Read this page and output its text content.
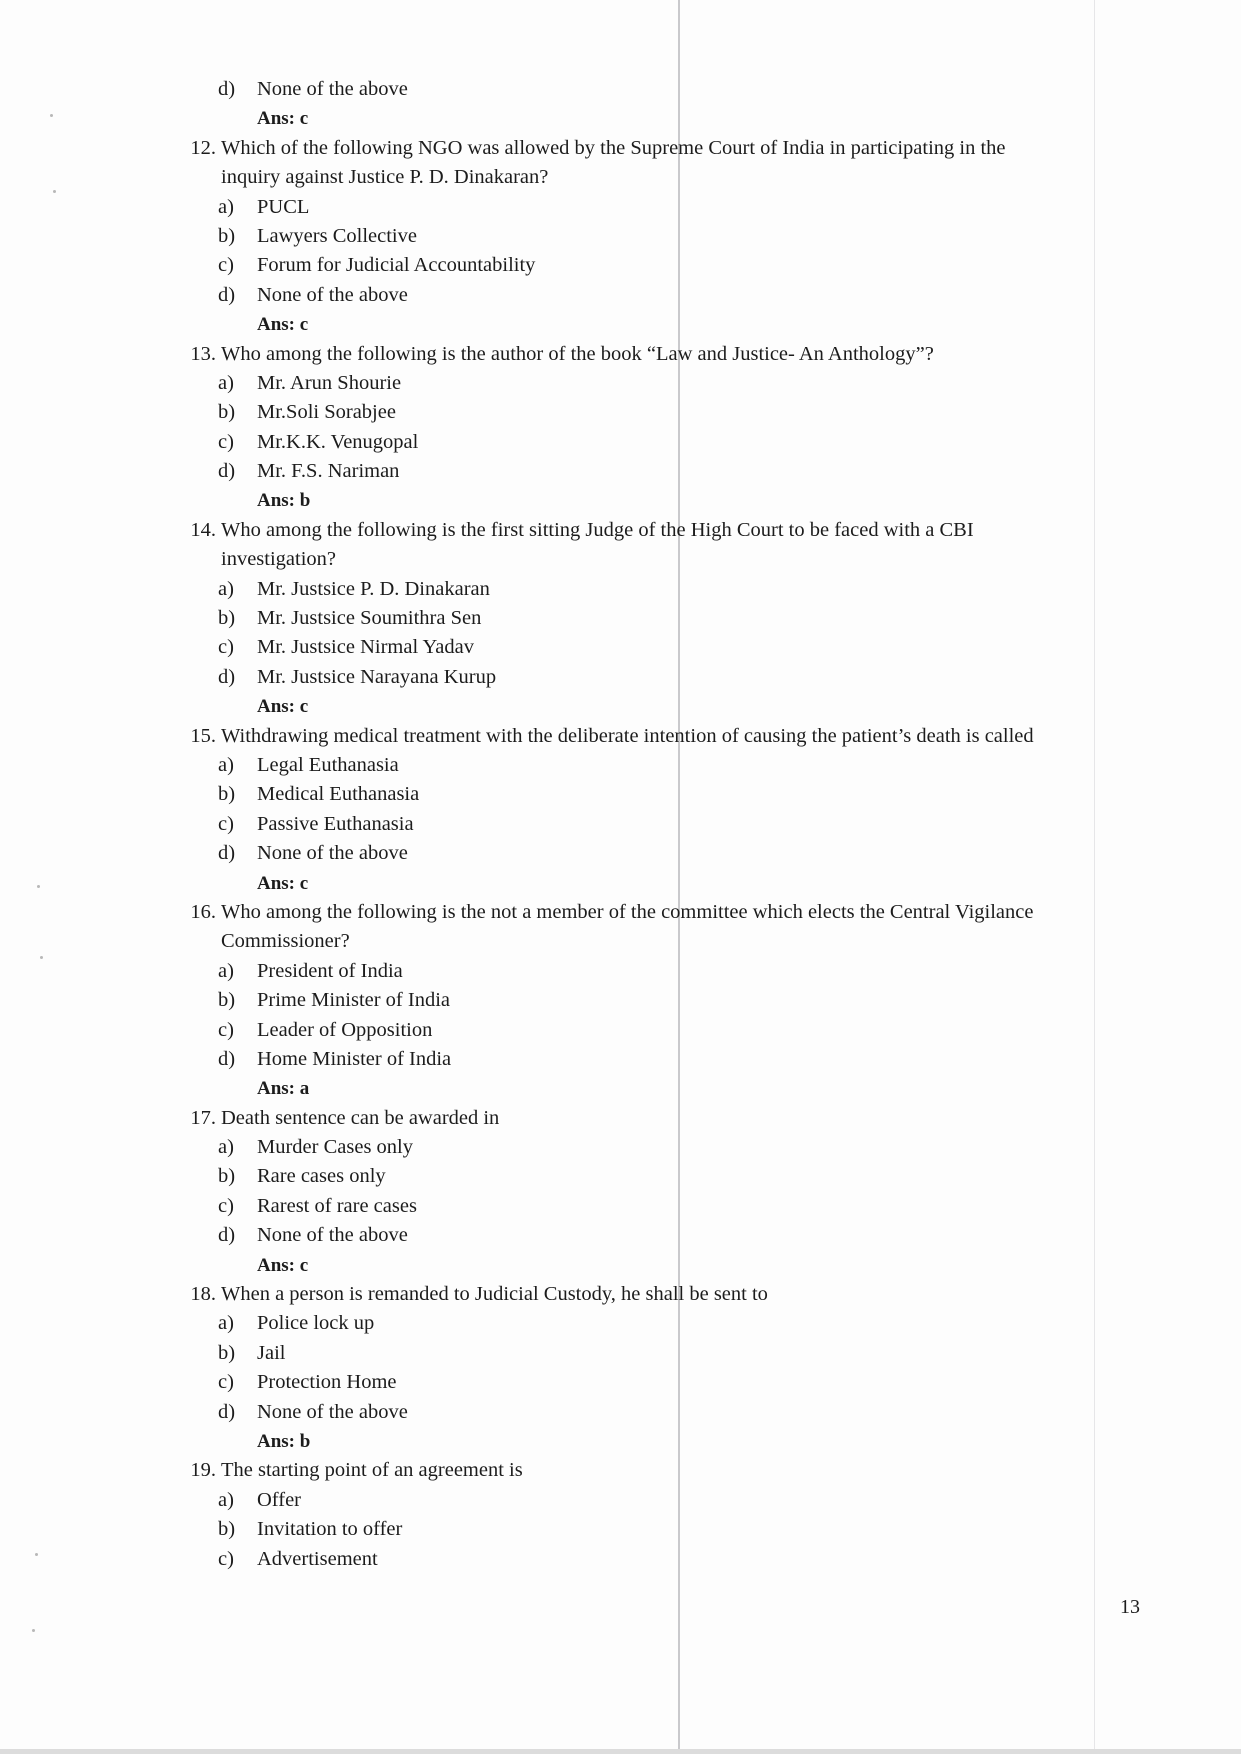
d) None of the above
Ans: c
12. Which of the following NGO was allowed by the Supreme Court of India in participating in the
inquiry against Justice P. D. Dinakaran?
a) PUCL
b) Lawyers Collective
c) Forum for Judicial Accountability
d) None of the above
Ans: c
13. Who among the following is the author of the book “Law and Justice- An Anthology”?
a) Mr. Arun Shourie
b) Mr.Soli Sorabjee
c) Mr.K.K. Venugopal
d) Mr. F.S. Nariman
Ans: b
14. Who among the following is the first sitting Judge of the High Court to be faced with a CBI
investigation?
a) Mr. Justsice P. D. Dinakaran
b) Mr. Justsice Soumithra Sen
c) Mr. Justsice Nirmal Yadav
d) Mr. Justsice Narayana Kurup
Ans: c
15. Withdrawing medical treatment with the deliberate intention of causing the patient’s death is called
a) Legal Euthanasia
b) Medical Euthanasia
c) Passive Euthanasia
d) None of the above
Ans: c
16. Who among the following is the not a member of the committee which elects the Central Vigilance
Commissioner?
a) President of India
b) Prime Minister of India
c) Leader of Opposition
d) Home Minister of India
Ans: a
17. Death sentence can be awarded in
a) Murder Cases only
b) Rare cases only
c) Rarest of rare cases
d) None of the above
Ans: c
18. When a person is remanded to Judicial Custody, he shall be sent to
a) Police lock up
b) Jail
c) Protection Home
d) None of the above
Ans: b
19. The starting point of an agreement is
a) Offer
b) Invitation to offer
c) Advertisement
13
